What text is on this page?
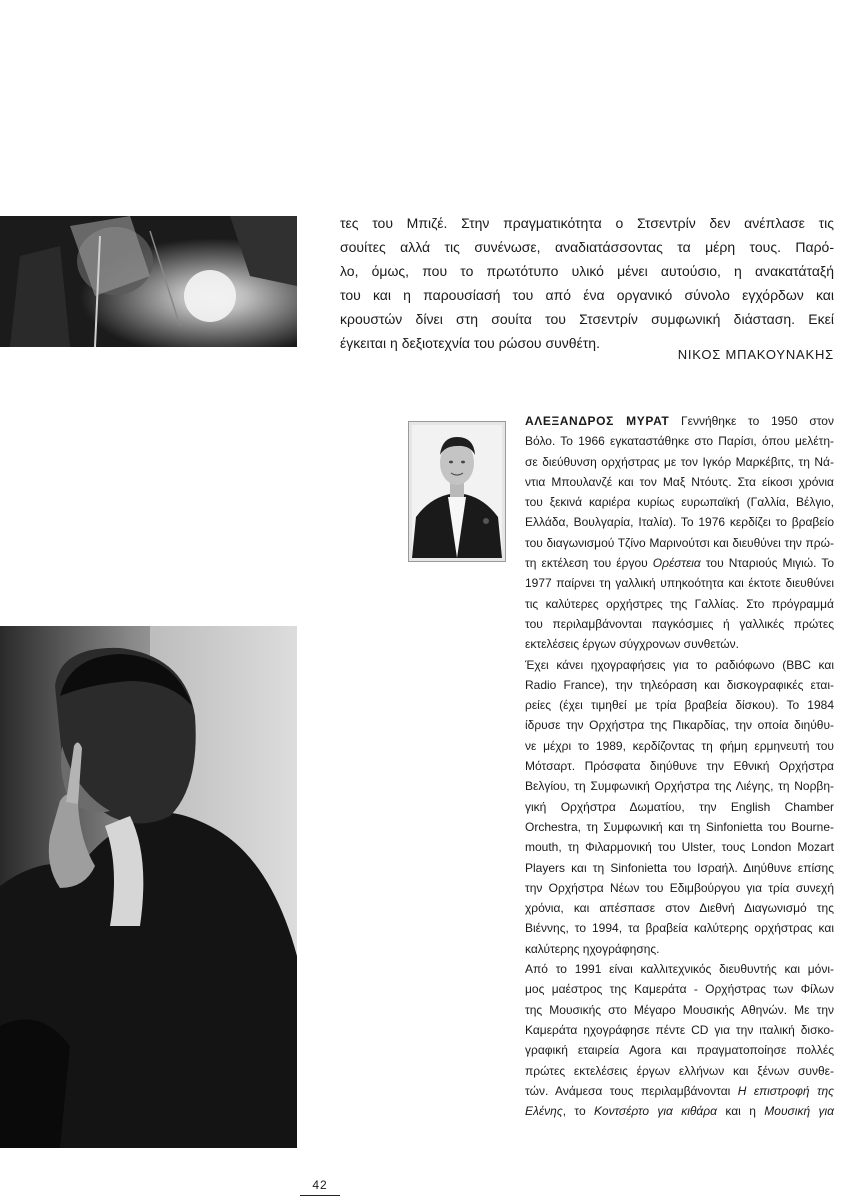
τες του Μπιζέ. Στην πραγματικότητα ο Στσεντρίν δεν ανέπλασε τις
σουίτες αλλά τις συνένωσε, αναδιατάσσοντας τα μέρη τους. Παρό-
λο, όμως, που το πρωτότυπο υλικό μένει αυτούσιο, η ανακατάταξή
του και η παρουσίασή του από ένα οργανικό σύνολο εγχόρδων και
κρουστών δίνει στη σουίτα του Στσεντρίν συμφωνική διάσταση. Εκεί
έγκειται η δεξιοτεχνία του ρώσου συνθέτη.
ΝΙΚΟΣ ΜΠΑΚΟΥΝΑΚΗΣ
ΑΛΕΞΑΝΔΡΟΣ ΜΥΡΑΤ Γεννήθηκε το 1950 στον
Βόλο. Το 1966 εγκαταστάθηκε στο Παρίσι, όπου μελέτη-
σε διεύθυνση ορχήστρας με τον Ιγκόρ Μαρκέβιτς, τη Νά-
ντια Μπουλανζέ και τον Μαξ Ντόυτς. Στα είκοσι χρόνια
του ξεκινά καριέρα κυρίως ευρωπαϊκή (Γαλλία, Βέλγιο,
Ελλάδα, Βουλγαρία, Ιταλία). Το 1976 κερδίζει το βραβείο
του διαγωνισμού Τζίνο Μαρινούτσι και διευθύνει την πρώ-
τη εκτέλεση του έργου Ορέστεια του Νταριούς Μιγιώ. Το
1977 παίρνει τη γαλλική υπηκοότητα και έκτοτε διευθύνει
τις καλύτερες ορχήστρες της Γαλλίας. Στο πρόγραμμά
του περιλαμβάνονται παγκόσμιες ή γαλλικές πρώτες
εκτελέσεις έργων σύγχρονων συνθετών.
Έχει κάνει ηχογραφήσεις για το ραδιόφωνο (BBC και
Radio France), την τηλεόραση και δισκογραφικές εται-
ρείες (έχει τιμηθεί με τρία βραβεία δίσκου). Το 1984
ίδρυσε την Ορχήστρα της Πικαρδίας, την οποία διηύθυ-
νε μέχρι το 1989, κερδίζοντας τη φήμη ερμηνευτή του
Μότσαρτ. Πρόσφατα διηύθυνε την Εθνική Ορχήστρα
Βελγίου, τη Συμφωνική Ορχήστρα της Λιέγης, τη Νορβη-
γική Ορχήστρα Δωματίου, την English Chamber
Orchestra, τη Συμφωνική και τη Sinfonietta του Bourne-
mouth, τη Φιλαρμονική του Ulster, τους London Mozart
Players και τη Sinfonietta του Ισραήλ. Διηύθυνε επίσης
την Ορχήστρα Νέων του Εδιμβούργου για τρία συνεχή
χρόνια, και απέσπασε στον Διεθνή Διαγωνισμό της
Βιέννης, το 1994, τα βραβεία καλύτερης ορχήστρας και
καλύτερης ηχογράφησης.
Από το 1991 είναι καλλιτεχνικός διευθυντής και μόνι-
μος μαέστρος της Καμεράτα - Ορχήστρας των Φίλων
της Μουσικής στο Μέγαρο Μουσικής Αθηνών. Με την
Καμεράτα ηχογράφησε πέντε CD για την ιταλική δισκο-
γραφική εταιρεία Agora και πραγματοποίησε πολλές
πρώτες εκτελέσεις έργων ελλήνων και ξένων συνθε-
τών. Ανάμεσα τους περιλαμβάνονται Η επιστροφή της
Ελένης, το Κοντσέρτο για κιθάρα και η Μουσική για
42
